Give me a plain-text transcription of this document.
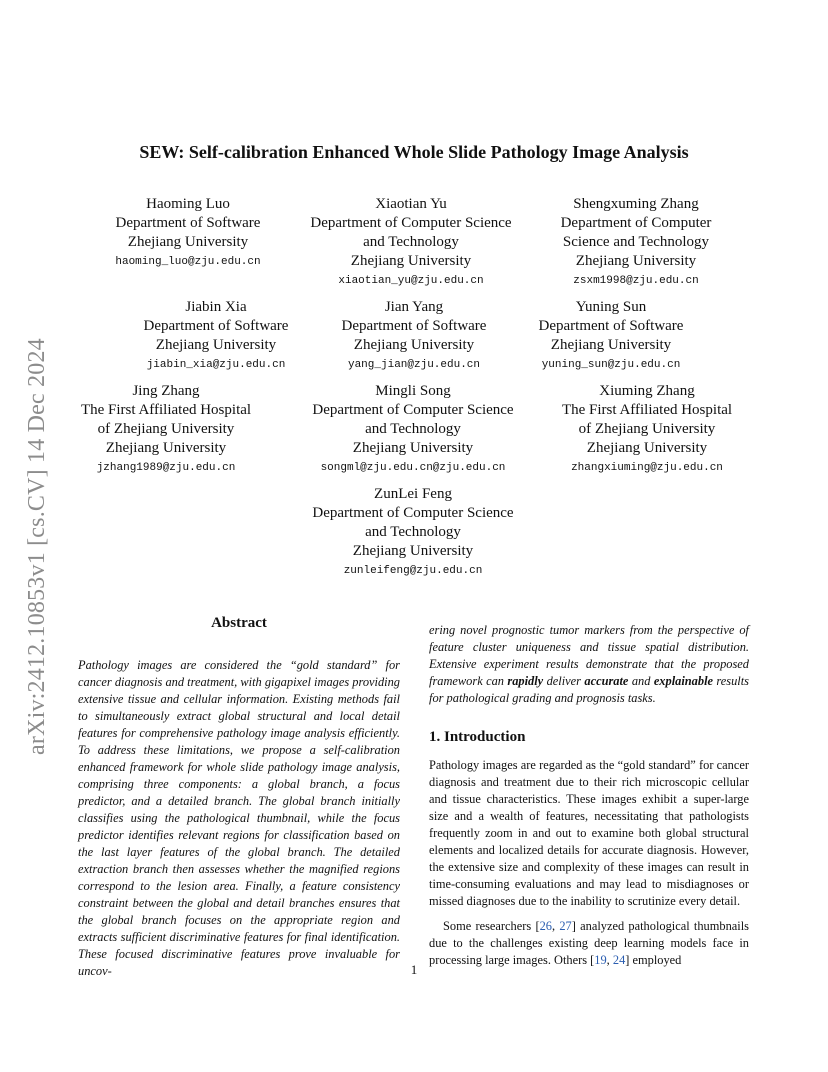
arXiv:2412.10853v1 [cs.CV] 14 Dec 2024
SEW: Self-calibration Enhanced Whole Slide Pathology Image Analysis
Haoming Luo
Department of Software
Zhejiang University
haoming_luo@zju.edu.cn
Xiaotian Yu
Department of Computer Science
and Technology
Zhejiang University
xiaotian_yu@zju.edu.cn
Shengxuming Zhang
Department of Computer
Science and Technology
Zhejiang University
zsxm1998@zju.edu.cn
Jiabin Xia
Department of Software
Zhejiang University
jiabin_xia@zju.edu.cn
Jian Yang
Department of Software
Zhejiang University
yang_jian@zju.edu.cn
Yuning Sun
Department of Software
Zhejiang University
yuning_sun@zju.edu.cn
Jing Zhang
The First Affiliated Hospital
of Zhejiang University
Zhejiang University
jzhang1989@zju.edu.cn
Mingli Song
Department of Computer Science
and Technology
Zhejiang University
songml@zju.edu.cn@zju.edu.cn
Xiuming Zhang
The First Affiliated Hospital
of Zhejiang University
Zhejiang University
zhangxiuming@zju.edu.cn
ZunLei Feng
Department of Computer Science
and Technology
Zhejiang University
zunleifeng@zju.edu.cn
Abstract

Pathology images are considered the “gold standard” for cancer diagnosis and treatment, with gigapixel images providing extensive tissue and cellular information. Existing methods fail to simultaneously extract global structural and local detail features for comprehensive pathology image analysis efficiently. To address these limitations, we propose a self-calibration enhanced framework for whole slide pathology image analysis, comprising three components: a global branch, a focus predictor, and a detailed branch. The global branch initially classifies using the pathological thumbnail, while the focus predictor identifies relevant regions for classification based on the last layer features of the global branch. The detailed extraction branch then assesses whether the magnified regions correspond to the lesion area. Finally, a feature consistency constraint between the global and detail branches ensures that the global branch focuses on the appropriate region and extracts sufficient discriminative features for final identification. These focused discriminative features prove invaluable for uncov-

ering novel prognostic tumor markers from the perspective of feature cluster uniqueness and tissue spatial distribution. Extensive experiment results demonstrate that the proposed framework can rapidly deliver accurate and explainable results for pathological grading and prognosis tasks.

1. Introduction

Pathology images are regarded as the “gold standard” for cancer diagnosis and treatment due to their rich microscopic cellular and tissue characteristics. These images exhibit a super-large size and a wealth of features, necessitating that pathologists frequently zoom in and out to examine both global structural elements and localized details for accurate diagnosis. However, the extensive size and complexity of these images can result in time-consuming evaluations and may lead to misdiagnoses or missed diagnoses due to the inability to scrutinize every detail.

Some researchers [26, 27] analyzed pathological thumbnails due to the challenges existing deep learning models face in processing large images. Others [19, 24] employed

1
